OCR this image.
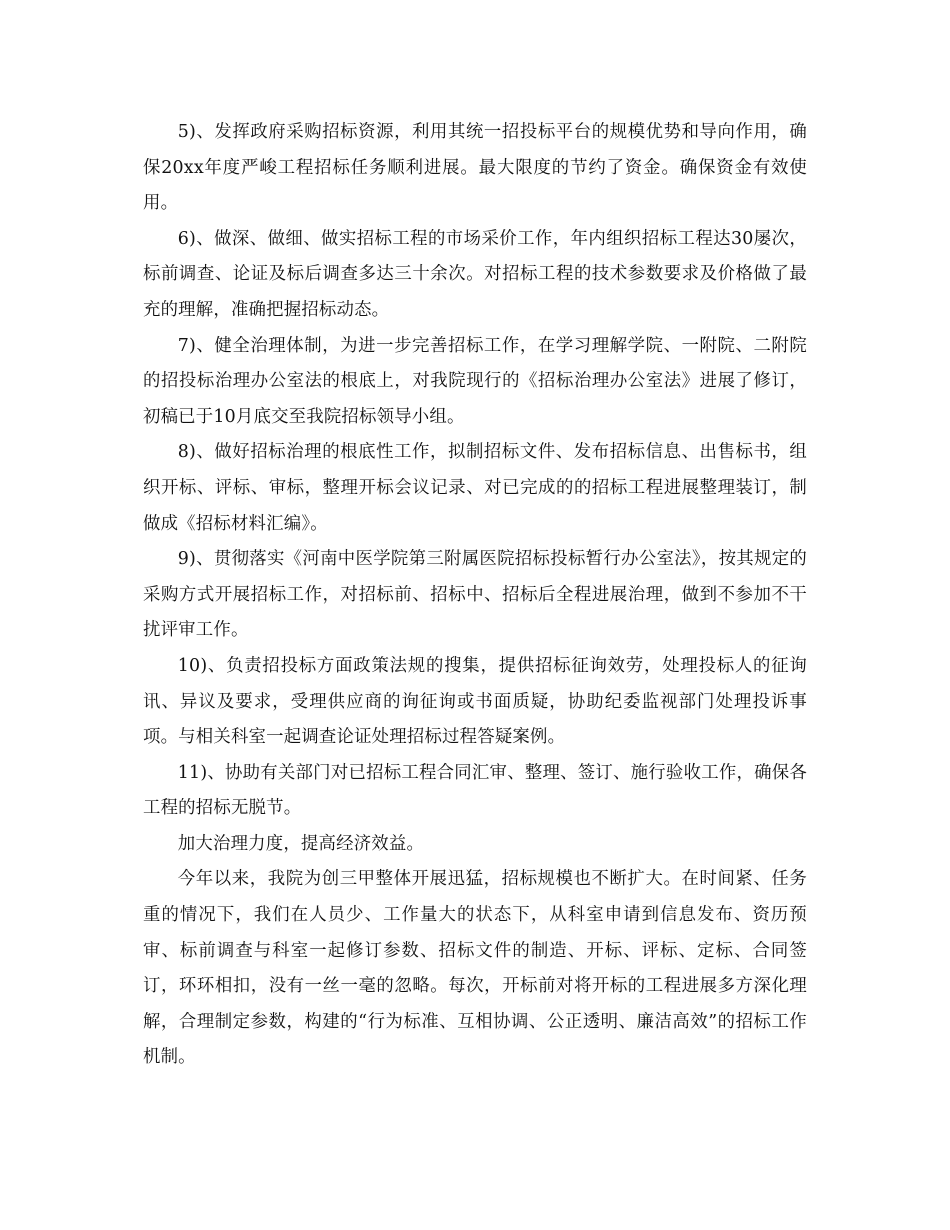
5)、发挥政府采购招标资源，利用其统一招投标平台的规模优势和导向作用，确保20xx年度严峻工程招标任务顺利进展。最大限度的节约了资金。确保资金有效使用。

6)、做深、做细、做实招标工程的市场采价工作，年内组织招标工程达30屡次，标前调查、论证及标后调查多达三十余次。对招标工程的技术参数要求及价格做了最充的理解，准确把握招标动态。

7)、健全治理体制，为进一步完善招标工作，在学习理解学院、一附院、二附院的招投标治理办公室法的根底上，对我院现行的《招标治理办公室法》进展了修订，初稿已于10月底交至我院招标领导小组。

8)、做好招标治理的根底性工作，拟制招标文件、发布招标信息、出售标书，组织开标、评标、审标，整理开标会议记录、对已完成的的招标工程进展整理装订，制做成《招标材料汇编》。

9)、贯彻落实《河南中医学院第三附属医院招标投标暂行办公室法》，按其规定的采购方式开展招标工作，对招标前、招标中、招标后全程进展治理，做到不参加不干扰评审工作。

10)、负责招投标方面政策法规的搜集，提供招标征询效劳，处理投标人的征询讯、异议及要求，受理供应商的询征询或书面质疑，协助纪委监视部门处理投诉事项。与相关科室一起调查论证处理招标过程答疑案例。

11)、协助有关部门对已招标工程合同汇审、整理、签订、施行验收工作，确保各工程的招标无脱节。

加大治理力度，提高经济效益。

今年以来，我院为创三甲整体开展迅猛，招标规模也不断扩大。在时间紧、任务重的情况下，我们在人员少、工作量大的状态下，从科室申请到信息发布、资历预审、标前调查与科室一起修订参数、招标文件的制造、开标、评标、定标、合同签订，环环相扣，没有一丝一毫的忽略。每次，开标前对将开标的工程进展多方深化理解，合理制定参数，构建的“行为标准、互相协调、公正透明、廉洁高效”的招标工作机制。
